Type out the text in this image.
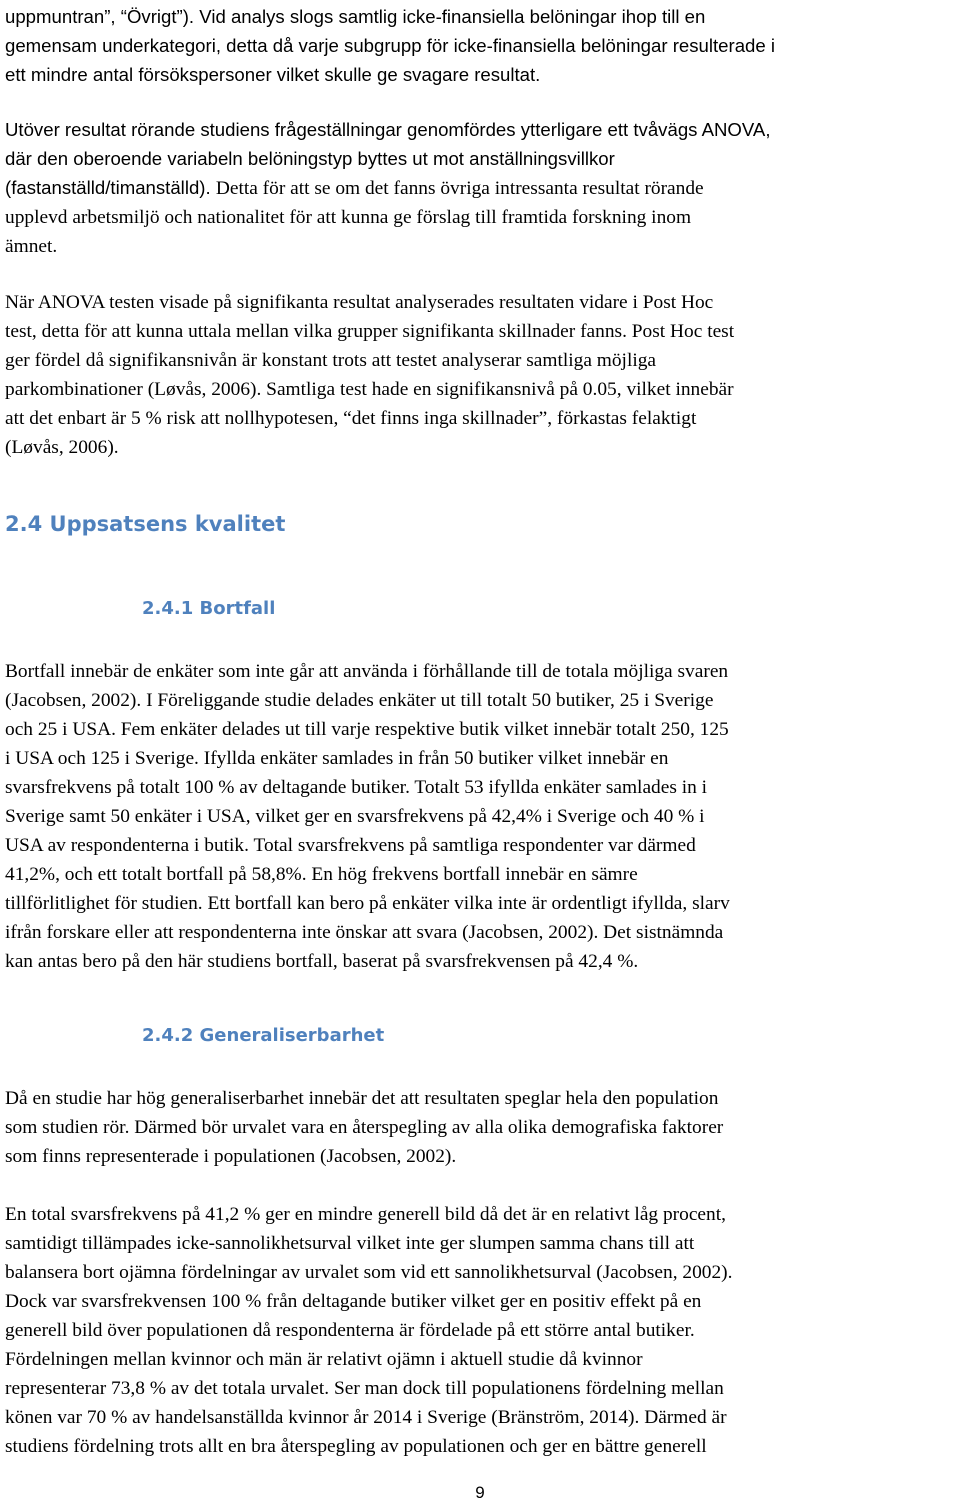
uppmuntran”, “Övrigt”). Vid analys slogs samtlig icke-finansiella belöningar ihop till en
gemensam underkategori, detta då varje subgrupp för icke-finansiella belöningar resulterade i
ett mindre antal försökspersoner vilket skulle ge svagare resultat.

Utöver resultat rörande studiens frågeställningar genomfördes ytterligare ett tvåvägs ANOVA,
där den oberoende variabeln belöningstyp byttes ut mot anställningsvillkor
(fastanställd/timanställd). Detta för att se om det fanns övriga intressanta resultat rörande
upplevd arbetsmiljö och nationalitet för att kunna ge förslag till framtida forskning inom
ämnet.

När ANOVA testen visade på signifikanta resultat analyserades resultaten vidare i Post Hoc
test, detta för att kunna uttala mellan vilka grupper signifikanta skillnader fanns. Post Hoc test
ger fördel då signifikansnivån är konstant trots att testet analyserar samtliga möjliga
parkombinationer (Løvås, 2006). Samtliga test hade en signifikansnivå på 0.05, vilket innebär
att det enbart är 5 % risk att nollhypotesen, “det finns inga skillnader”, förkastas felaktigt
(Løvås, 2006).

2.4 Uppsatsens kvalitet
2.4.1 Bortfall

Bortfall innebär de enkäter som inte går att använda i förhållande till de totala möjliga svaren
(Jacobsen, 2002). I Föreliggande studie delades enkäter ut till totalt 50 butiker, 25 i Sverige
och 25 i USA. Fem enkäter delades ut till varje respektive butik vilket innebär totalt 250, 125
i USA och 125 i Sverige. Ifyllda enkäter samlades in från 50 butiker vilket innebär en
svarsfrekvens på totalt 100 % av deltagande butiker. Totalt 53 ifyllda enkäter samlades in i
Sverige samt 50 enkäter i USA, vilket ger en svarsfrekvens på 42,4% i Sverige och 40 % i
USA av respondenterna i butik. Total svarsfrekvens på samtliga respondenter var därmed
41,2%, och ett totalt bortfall på 58,8%. En hög frekvens bortfall innebär en sämre
tillförlitlighet för studien. Ett bortfall kan bero på enkäter vilka inte är ordentligt ifyllda, slarv
ifrån forskare eller att respondenterna inte önskar att svara (Jacobsen, 2002). Det sistnämnda
kan antas bero på den här studiens bortfall, baserat på svarsfrekvensen på 42,4 %.

2.4.2 Generaliserbarhet

Då en studie har hög generaliserbarhet innebär det att resultaten speglar hela den population
som studien rör. Därmed bör urvalet vara en återspegling av alla olika demografiska faktorer
som finns representerade i populationen (Jacobsen, 2002).

En total svarsfrekvens på 41,2 % ger en mindre generell bild då det är en relativt låg procent,
samtidigt tillämpades icke-sannolikhetsurval vilket inte ger slumpen samma chans till att
balansera bort ojämna fördelningar av urvalet som vid ett sannolikhetsurval (Jacobsen, 2002).
Dock var svarsfrekvensen 100 % från deltagande butiker vilket ger en positiv effekt på en
generell bild över populationen då respondenterna är fördelade på ett större antal butiker.
Fördelningen mellan kvinnor och män är relativt ojämn i aktuell studie då kvinnor
representerar 73,8 % av det totala urvalet. Ser man dock till populationens fördelning mellan
könen var 70 % av handelsanställda kvinnor år 2014 i Sverige (Bränström, 2014). Därmed är
studiens fördelning trots allt en bra återspegling av populationen och ger en bättre generell

9
